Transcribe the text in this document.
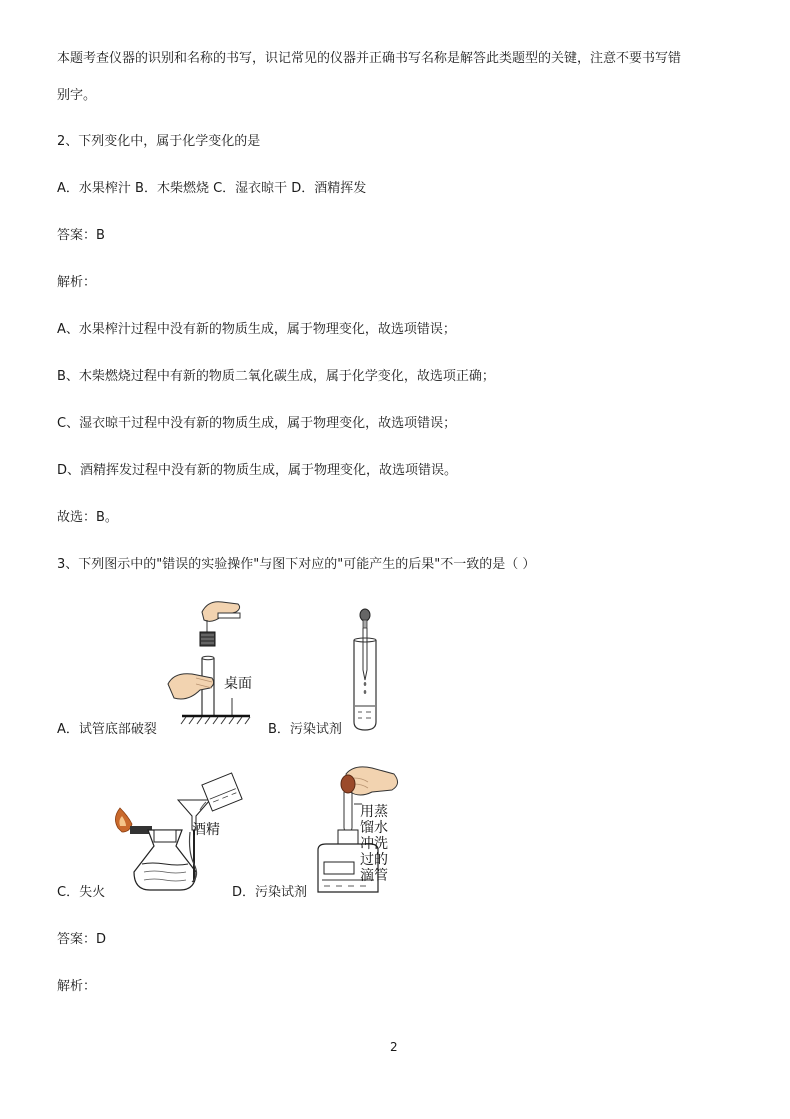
本题考查仪器的识别和名称的书写，识记常见的仪器并正确书写名称是解答此类题型的关键，注意不要书写错
别字。
2、下列变化中，属于化学变化的是
A．水果榨汁 B．木柴燃烧 C．湿衣晾干 D．酒精挥发
答案：B
解析：
A、水果榨汁过程中没有新的物质生成，属于物理变化，故选项错误；
B、木柴燃烧过程中有新的物质二氧化碳生成，属于化学变化，故选项正确；
C、湿衣晾干过程中没有新的物质生成，属于物理变化，故选项错误；
D、酒精挥发过程中没有新的物质生成，属于物理变化，故选项错误。
故选：B。
3、下列图示中的"错误的实验操作"与图下对应的"可能产生的后果"不一致的是（ ）
桌面
A．试管底部破裂	B．污染试剂
酒精
C．失火
用蒸
馏水
冲洗
过的
滴管
D．污染试剂
答案：D
解析：
2
